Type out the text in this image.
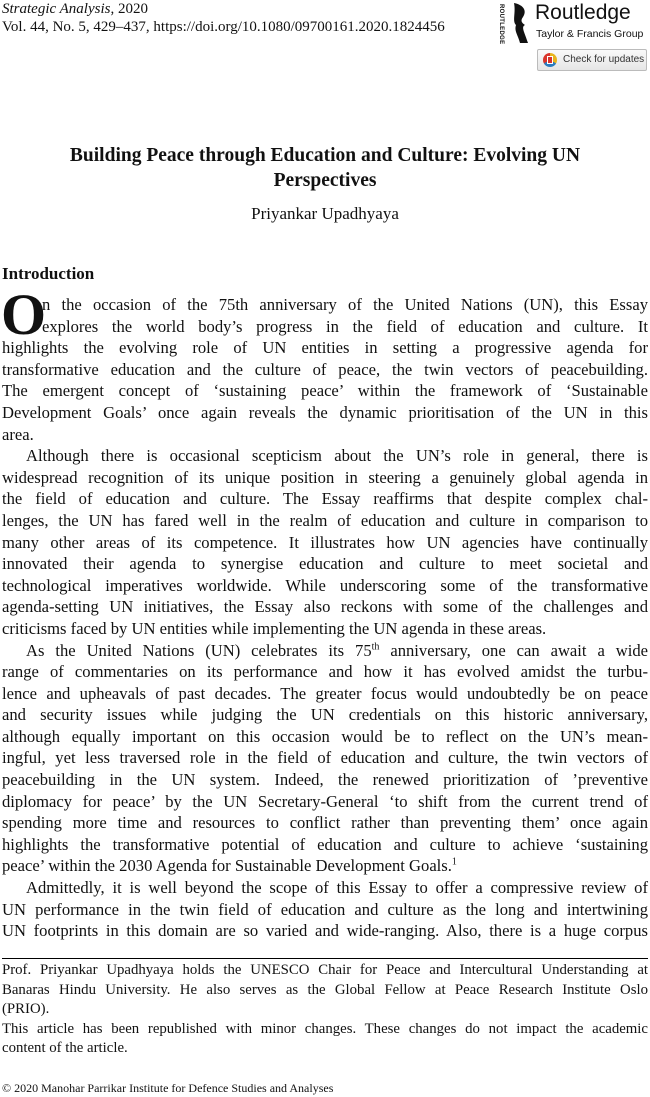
Strategic Analysis, 2020
Vol. 44, No. 5, 429–437, https://doi.org/10.1080/09700161.2020.1824456	ROUTLEDGE Routledge
Taylor & Francis Group
Check for updates
Building Peace through Education and Culture: Evolving UN
Perspectives
Priyankar Upadhyaya
Introduction
O
n the occasion of the 75th anniversary of the United Nations (UN), this Essay
explores the world body’s progress in the field of education and culture. It
highlights the evolving role of UN entities in setting a progressive agenda for
transformative education and the culture of peace, the twin vectors of peacebuilding.
The emergent concept of ‘sustaining peace’ within the framework of ‘Sustainable
Development Goals’ once again reveals the dynamic prioritisation of the UN in this
area.
Although there is occasional scepticism about the UN’s role in general, there is
widespread recognition of its unique position in steering a genuinely global agenda in
the field of education and culture. The Essay reaffirms that despite complex chal-
lenges, the UN has fared well in the realm of education and culture in comparison to
many other areas of its competence. It illustrates how UN agencies have continually
innovated their agenda to synergise education and culture to meet societal and
technological imperatives worldwide. While underscoring some of the transformative
agenda-setting UN initiatives, the Essay also reckons with some of the challenges and
criticisms faced by UN entities while implementing the UN agenda in these areas.
As the United Nations (UN) celebrates its 75th anniversary, one can await a wide
range of commentaries on its performance and how it has evolved amidst the turbu-
lence and upheavals of past decades. The greater focus would undoubtedly be on peace
and security issues while judging the UN credentials on this historic anniversary,
although equally important on this occasion would be to reflect on the UN’s mean-
ingful, yet less traversed role in the field of education and culture, the twin vectors of
peacebuilding in the UN system. Indeed, the renewed prioritization of ’preventive
diplomacy for peace’ by the UN Secretary-General ‘to shift from the current trend of
spending more time and resources to conflict rather than preventing them’ once again
highlights the transformative potential of education and culture to achieve ‘sustaining
peace’ within the 2030 Agenda for Sustainable Development Goals.$^1$
Admittedly, it is well beyond the scope of this Essay to offer a compressive review of
UN performance in the twin field of education and culture as the long and intertwining
UN footprints in this domain are so varied and wide-ranging. Also, there is a huge corpus
Prof. Priyankar Upadhyaya holds the UNESCO Chair for Peace and Intercultural Understanding at
Banaras Hindu University. He also serves as the Global Fellow at Peace Research Institute Oslo
(PRIO).
This article has been republished with minor changes. These changes do not impact the academic
content of the article.
© 2020 Manohar Parrikar Institute for Defence Studies and Analyses
